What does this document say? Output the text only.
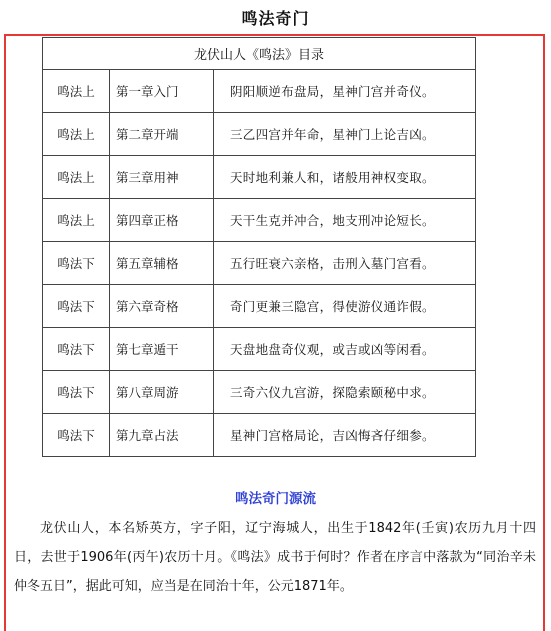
鸣法奇门
龙伏山人《鸣法》目录		
鸣法上	第一章入门	阴阳顺逆布盘局，星神门宫并奇仪。
鸣法上	第二章开端	三乙四宫并年命，星神门上论吉凶。
鸣法上	第三章用神	天时地利兼人和，诸般用神权变取。
鸣法上	第四章正格	天干生克并冲合，地支刑冲论短长。
鸣法下	第五章辅格	五行旺衰六亲格，击刑入墓门宫看。
鸣法下	第六章奇格	奇门更兼三隐宫，得使游仪通诈假。
鸣法下	第七章遁干	天盘地盘奇仪观，或吉或凶等闲看。
鸣法下	第八章周游	三奇六仪九宫游，探隐索颐秘中求。
鸣法下	第九章占法	星神门宫格局论，吉凶悔吝仔细参。
鸣法奇门源流

龙伏山人，本名矫英方，字子阳，辽宁海城人，出生于1842年(壬寅)农历九月十四日，去世于1906年(丙午)农历十月。《鸣法》成书于何时？作者在序言中落款为“同治辛未仲冬五日”，据此可知，应当是在同治十年，公元1871年。
